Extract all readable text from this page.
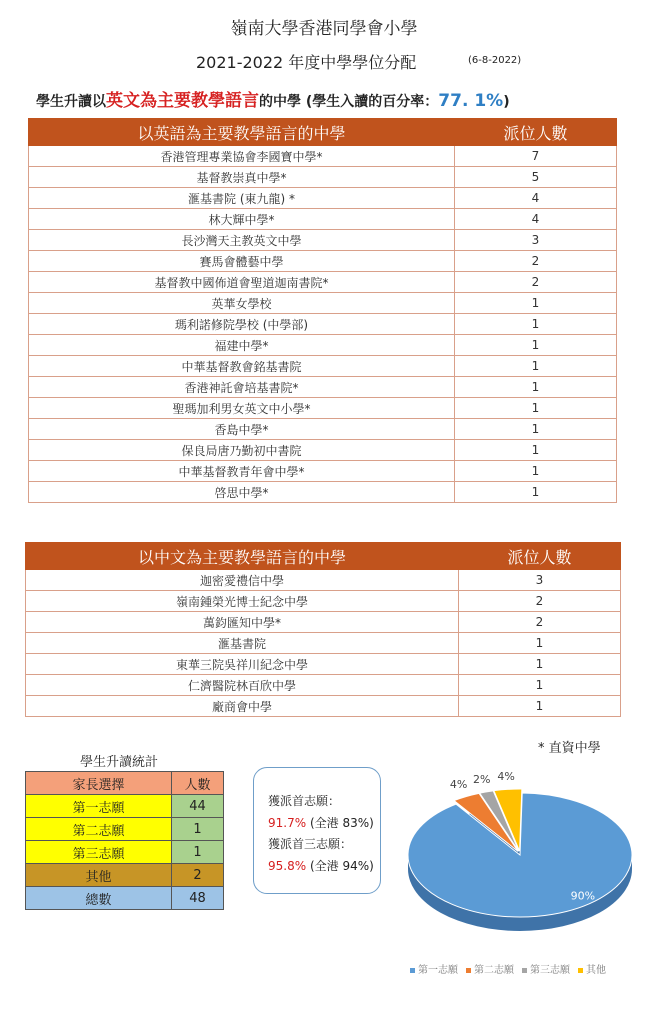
嶺南大學香港同學會小學
2021-2022 年度中學學位分配	(6-8-2022)
學生升讀以英文為主要教學語言的中學 (學生入讀的百分率：77. 1%)
以英語為主要教學語言的中學	派位人數
香港管理專業協會李國寶中學*	7
基督教崇真中學*	5
滙基書院 (東九龍) *	4
林大輝中學*	4
長沙灣天主教英文中學	3
賽馬會體藝中學	2
基督教中國佈道會聖道迦南書院*	2
英華女學校	1
瑪利諾修院學校 (中學部)	1
福建中學*	1
中華基督教會銘基書院	1
香港神託會培基書院*	1
聖瑪加利男女英文中小學*	1
香島中學*	1
保良局唐乃勤初中書院	1
中華基督教青年會中學*	1
啓思中學*	1
以中文為主要教學語言的中學	派位人數
迦密愛禮信中學	3
嶺南鍾榮光博士紀念中學	2
萬鈞匯知中學*	2
滙基書院	1
東華三院吳祥川紀念中學	1
仁濟醫院林百欣中學	1
廠商會中學	1
* 直資中學
學生升讀統計
家長選擇	人數
第一志願	44
第二志願	1
第三志願	1
其他	2
總數	48
獲派首志願：
91.7% (全港 83%)
獲派首三志願：
95.8% (全港 94%)
90%
4% 2% 4%
第一志願 第二志願 第三志願 其他
